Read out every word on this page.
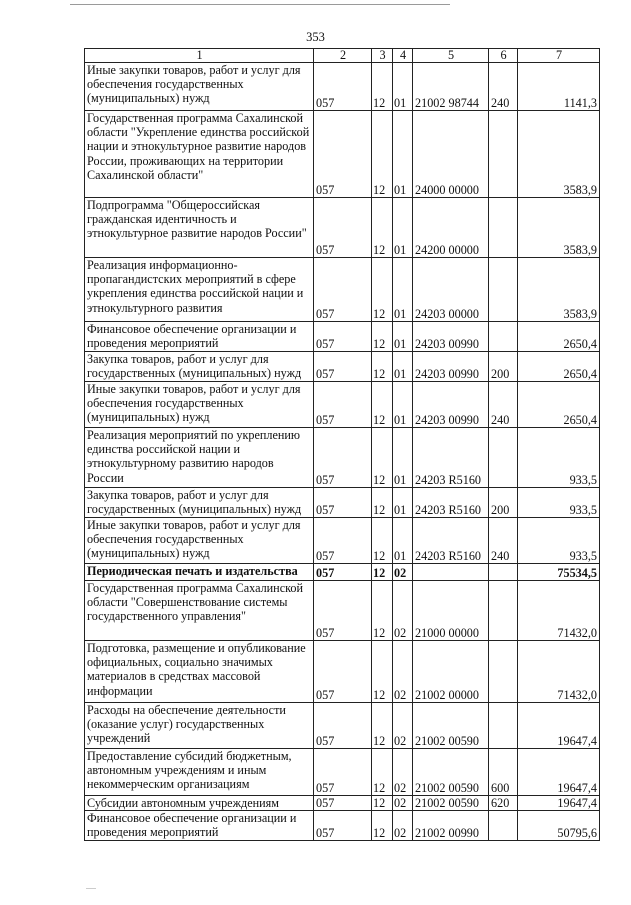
353
1	2	3	4	5	6	7
Иные закупки товаров, работ и услуг для обеспечения государственных (муниципальных) нужд	057	12	01	21002 98744	240	1141,3
Государственная программа Сахалинской области "Укрепление единства российской нации и этнокультурное развитие народов России, проживающих на территории Сахалинской области"	057	12	01	24000 00000		3583,9
Подпрограмма "Общероссийская гражданская идентичность и этнокультурное развитие народов России"	057	12	01	24200 00000		3583,9
Реализация информационно-пропагандистских мероприятий в сфере укрепления единства российской нации и этнокультурного развития	057	12	01	24203 00000		3583,9
Финансовое обеспечение организации и проведения мероприятий	057	12	01	24203 00990		2650,4
Закупка товаров, работ и услуг для государственных (муниципальных) нужд	057	12	01	24203 00990	200	2650,4
Иные закупки товаров, работ и услуг для обеспечения государственных (муниципальных) нужд	057	12	01	24203 00990	240	2650,4
Реализация мероприятий по укреплению единства российской нации и этнокультурному развитию народов России	057	12	01	24203 R5160		933,5
Закупка товаров, работ и услуг для государственных (муниципальных) нужд	057	12	01	24203 R5160	200	933,5
Иные закупки товаров, работ и услуг для обеспечения государственных (муниципальных) нужд	057	12	01	24203 R5160	240	933,5
Периодическая печать и издательства	057	12	02			75534,5
Государственная программа Сахалинской области "Совершенствование системы государственного управления"	057	12	02	21000 00000		71432,0
Подготовка, размещение и опубликование официальных, социально значимых материалов в средствах массовой информации	057	12	02	21002 00000		71432,0
Расходы на обеспечение деятельности (оказание услуг) государственных учреждений	057	12	02	21002 00590		19647,4
Предоставление субсидий бюджетным, автономным учреждениям и иным некоммерческим организациям	057	12	02	21002 00590	600	19647,4
Субсидии автономным учреждениям	057	12	02	21002 00590	620	19647,4
Финансовое обеспечение организации и проведения мероприятий	057	12	02	21002 00990		50795,6
